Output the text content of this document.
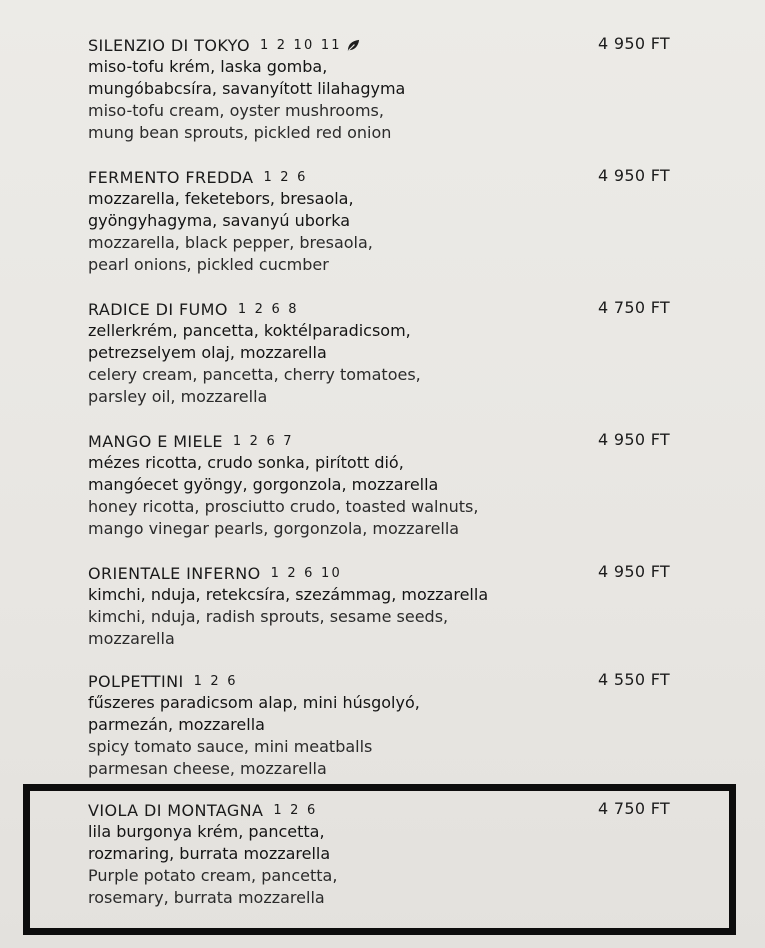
SILENZIO DI TOKYO 1 2 10 11	4 950 FT
miso-tofu krém, laska gomba,
mungóbabcsíra, savanyított lilahagyma
miso-tofu cream, oyster mushrooms,
mung bean sprouts, pickled red onion
FERMENTO FREDDA 1 2 6	4 950 FT
mozzarella, feketebors, bresaola,
gyöngyhagyma, savanyú uborka
mozzarella, black pepper, bresaola,
pearl onions, pickled cucmber
RADICE DI FUMO 1 2 6 8	4 750 FT
zellerkrém, pancetta, koktélparadicsom,
petrezselyem olaj, mozzarella
celery cream, pancetta, cherry tomatoes,
parsley oil, mozzarella
MANGO E MIELE 1 2 6 7	4 950 FT
mézes ricotta, crudo sonka, pirított dió,
mangóecet gyöngy, gorgonzola, mozzarella
honey ricotta, prosciutto crudo, toasted walnuts,
mango vinegar pearls, gorgonzola, mozzarella
ORIENTALE INFERNO 1 2 6 10	4 950 FT
kimchi, nduja, retekcsíra, szezámmag, mozzarella
kimchi, nduja, radish sprouts, sesame seeds,
mozzarella
POLPETTINI 1 2 6	4 550 FT
fűszeres paradicsom alap, mini húsgolyó,
parmezán, mozzarella
spicy tomato sauce, mini meatballs
parmesan cheese, mozzarella
VIOLA DI MONTAGNA 1 2 6	4 750 FT
lila burgonya krém, pancetta,
rozmaring, burrata mozzarella
Purple potato cream, pancetta,
rosemary, burrata mozzarella
